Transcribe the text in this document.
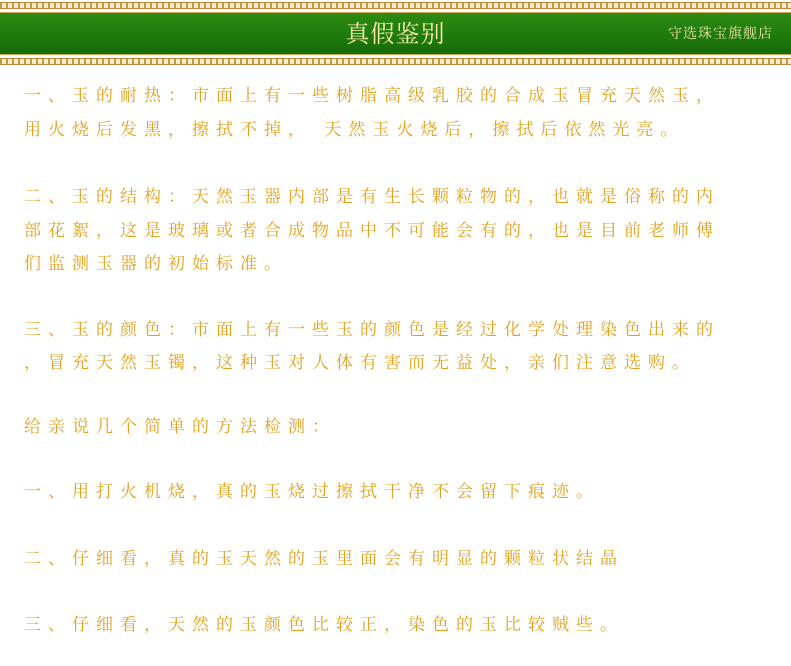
真假鉴别	守选珠宝旗舰店

一、玉的耐热：市面上有一些树脂高级乳胶的合成玉冒充天然玉，

用火烧后发黑，擦拭不掉， 天然玉火烧后，擦拭后依然光亮。

二、玉的结构：天然玉器内部是有生长颗粒物的，也就是俗称的内

部花絮，这是玻璃或者合成物品中不可能会有的，也是目前老师傅

们监测玉器的初始标准。

三、玉的颜色：市面上有一些玉的颜色是经过化学处理染色出来的

，冒充天然玉镯，这种玉对人体有害而无益处，亲们注意选购。

给亲说几个简单的方法检测：

一、用打火机烧，真的玉烧过擦拭干净不会留下痕迹。

二、仔细看，真的玉天然的玉里面会有明显的颗粒状结晶

三、仔细看，天然的玉颜色比较正，染色的玉比较贼些。
